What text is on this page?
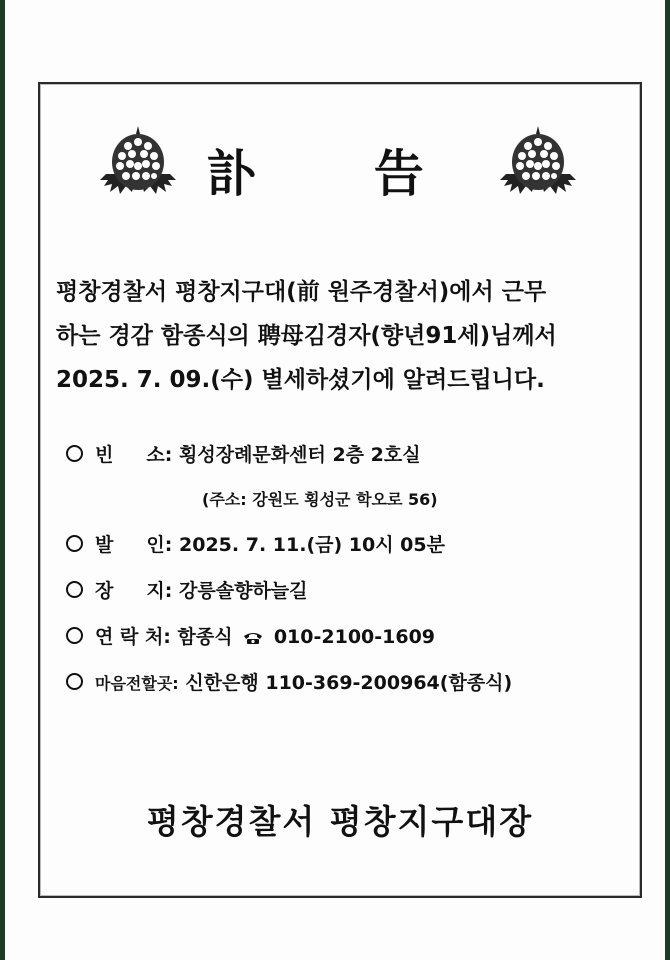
訃 告
평창경찰서 평창지구대(前 원주경찰서)에서 근무
하는 경감 함종식의 聘母김경자(향년91세)님께서
2025. 7. 09.(수) 별세하셨기에 알려드립니다.
빈     소: 횡성장례문화센터 2층 2호실
(주소: 강원도 횡성군 학오로 56)
발     인: 2025. 7. 11.(금) 10시 05분
장     지: 강릉솔향하늘길
연 락 처: 함종식 010-2100-1609
마음전할곳: 신한은행 110-369-200964(함종식)
평창경찰서 평창지구대장
